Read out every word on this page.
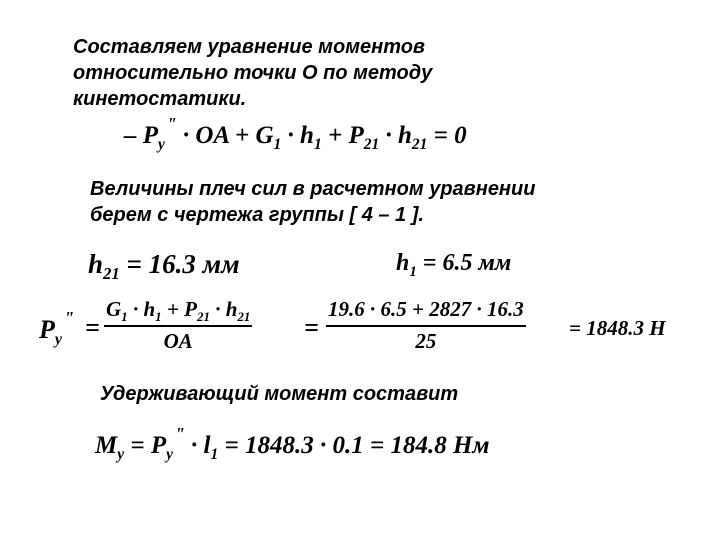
Составляем уравнение моментов
относительно точки О по методу
кинетостатики.
– $P_y^"$ · OA + $G_1 \cdot h_1 + P_{21} \cdot h_{21} = 0$
Величины плеч сил в расчетном уравнении
берем с чертежа группы [ 4 – 1 ].
$h_{21} = 16.3$ мм	$h_1 = 6.5$ мм
$P_y^"$ =
$G_1 \cdot h_1 + P_{21} \cdot h_{21}$
OA	=
19.6 · 6.5 + 2827 · 16.3
25
= 1848.3 H
Удерживающий момент составит
$M_y = P_y^" \cdot l_1 = 1848.3 \cdot 0.1 = 184.8$ Нм
